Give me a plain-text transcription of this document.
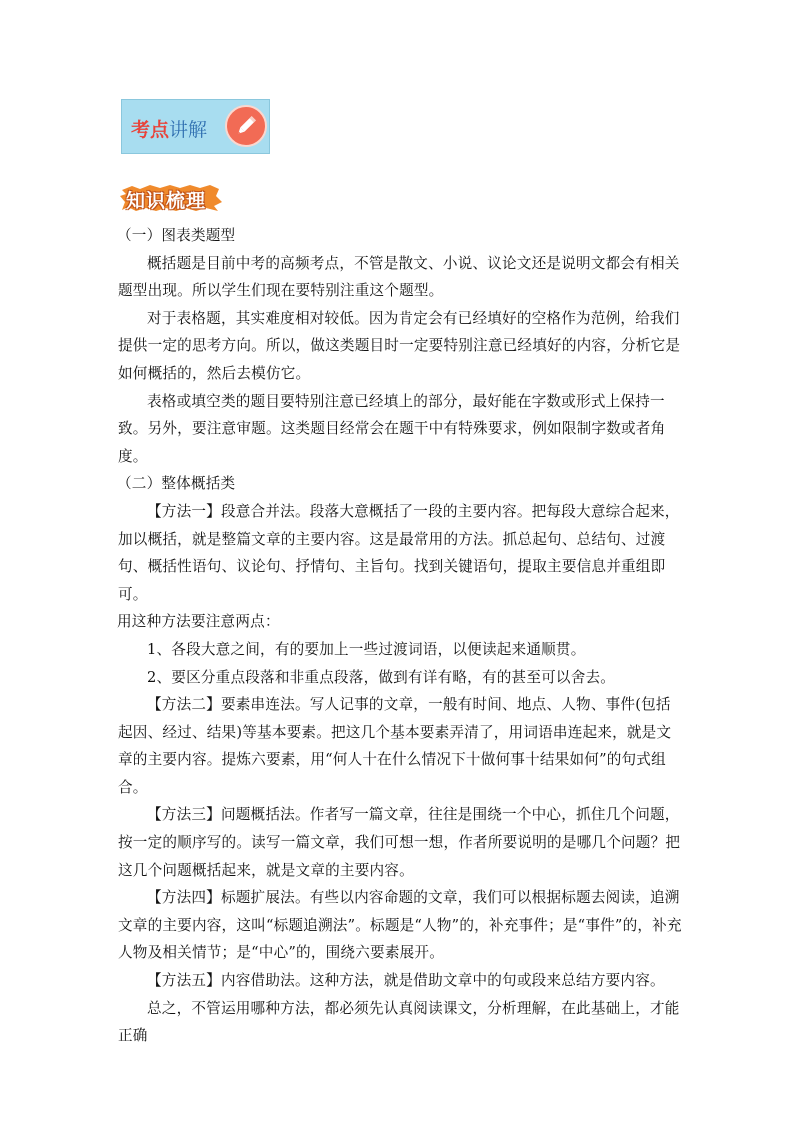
考点讲解
知识梳理

（一）图表类题型

概括题是目前中考的高频考点，不管是散文、小说、议论文还是说明文都会有相关题型出现。所以学生们现在要特别注重这个题型。

对于表格题，其实难度相对较低。因为肯定会有已经填好的空格作为范例，给我们提供一定的思考方向。所以，做这类题目时一定要特别注意已经填好的内容，分析它是如何概括的，然后去模仿它。

表格或填空类的题目要特别注意已经填上的部分，最好能在字数或形式上保持一致。另外，要注意审题。这类题目经常会在题干中有特殊要求，例如限制字数或者角度。

（二）整体概括类

【方法一】段意合并法。段落大意概括了一段的主要内容。把每段大意综合起来，加以概括，就是整篇文章的主要内容。这是最常用的方法。抓总起句、总结句、过渡句、概括性语句、议论句、抒情句、主旨句。找到关键语句，提取主要信息并重组即可。

用这种方法要注意两点：

1、各段大意之间，有的要加上一些过渡词语，以便读起来通顺贯。

2、要区分重点段落和非重点段落，做到有详有略，有的甚至可以舍去。

【方法二】要素串连法。写人记事的文章，一般有时间、地点、人物、事件(包括起因、经过、结果)等基本要素。把这几个基本要素弄清了，用词语串连起来，就是文章的主要内容。提炼六要素，用“何人十在什么情况下十做何事十结果如何”的句式组合。

【方法三】问题概括法。作者写一篇文章，往往是围绕一个中心，抓住几个问题，按一定的顺序写的。读写一篇文章，我们可想一想，作者所要说明的是哪几个问题？把这几个问题概括起来，就是文章的主要内容。

【方法四】标题扩展法。有些以内容命题的文章，我们可以根据标题去阅读，追溯文章的主要内容，这叫“标题追溯法”。标题是“人物”的，补充事件；是“事件”的，补充人物及相关情节；是“中心”的，围绕六要素展开。

【方法五】内容借助法。这种方法，就是借助文章中的句或段来总结方要内容。

总之，不管运用哪种方法，都必须先认真阅读课文，分析理解，在此基础上，才能正确
